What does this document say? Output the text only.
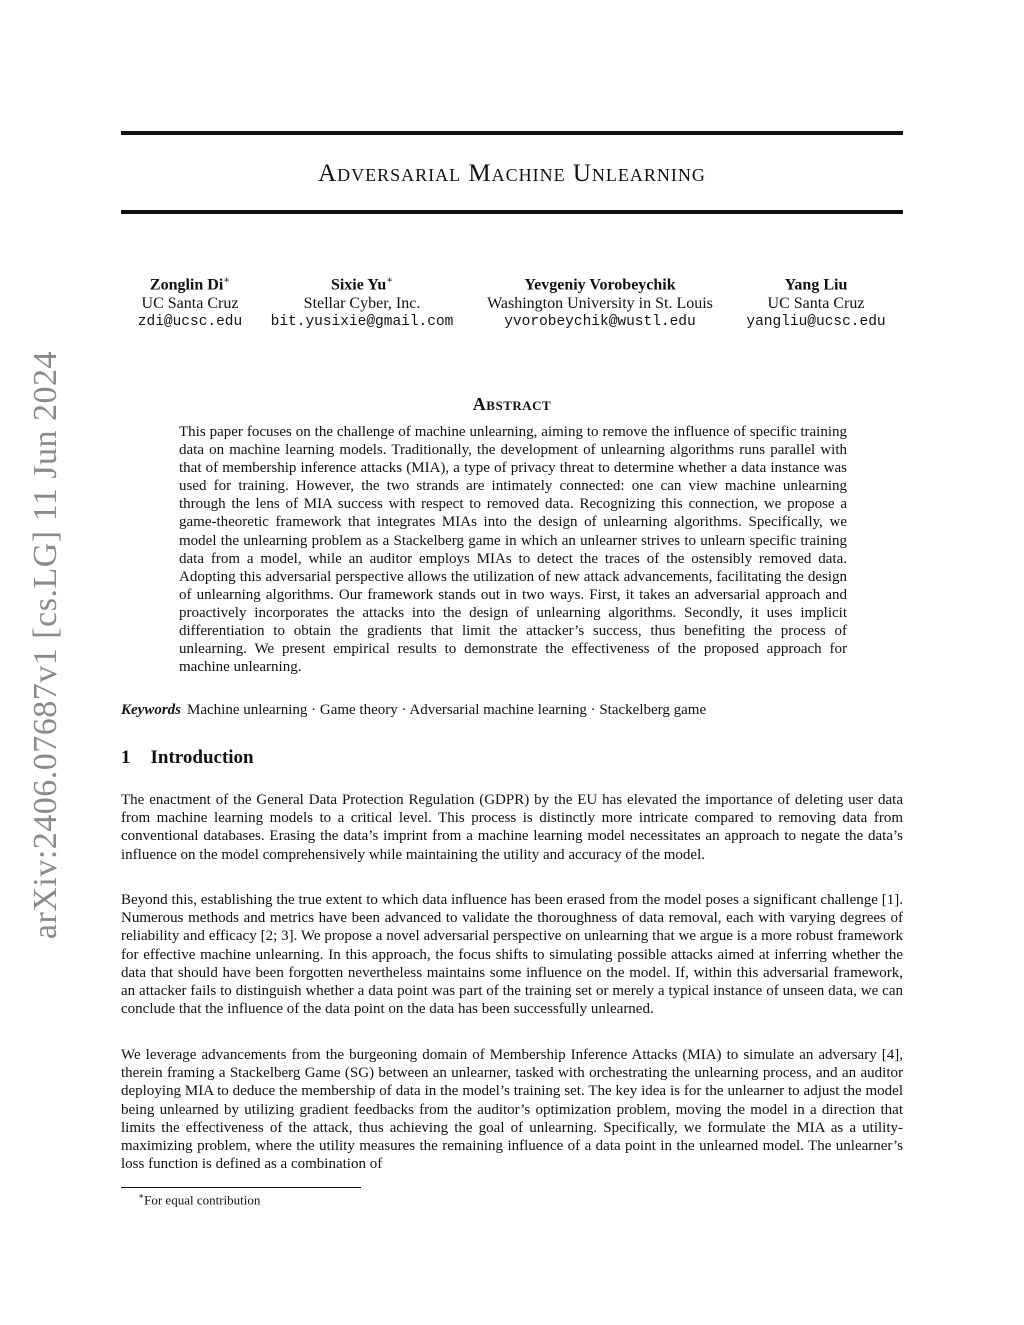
arXiv:2406.07687v1 [cs.LG] 11 Jun 2024
Adversarial Machine Unlearning
Zonglin Di∗
UC Santa Cruz
zdi@ucsc.edu
Sixie Yu∗
Stellar Cyber, Inc.
bit.yusixie@gmail.com
Yevgeniy Vorobeychik
Washington University in St. Louis
yvorobeychik@wustl.edu
Yang Liu
UC Santa Cruz
yangliu@ucsc.edu
Abstract

This paper focuses on the challenge of machine unlearning, aiming to remove the influence of specific training data on machine learning models. Traditionally, the development of unlearning algorithms runs parallel with that of membership inference attacks (MIA), a type of privacy threat to determine whether a data instance was used for training. However, the two strands are intimately connected: one can view machine unlearning through the lens of MIA success with respect to removed data. Recognizing this connection, we propose a game-theoretic framework that integrates MIAs into the design of unlearning algorithms. Specifically, we model the unlearning problem as a Stackelberg game in which an unlearner strives to unlearn specific training data from a model, while an auditor employs MIAs to detect the traces of the ostensibly removed data. Adopting this adversarial perspective allows the utilization of new attack advancements, facilitating the design of unlearning algorithms. Our framework stands out in two ways. First, it takes an adversarial approach and proactively incorporates the attacks into the design of unlearning algorithms. Secondly, it uses implicit differentiation to obtain the gradients that limit the attacker’s success, thus benefiting the process of unlearning. We present empirical results to demonstrate the effectiveness of the proposed approach for machine unlearning.

Keywords Machine unlearning · Game theory · Adversarial machine learning · Stackelberg game
1 Introduction

The enactment of the General Data Protection Regulation (GDPR) by the EU has elevated the importance of deleting user data from machine learning models to a critical level. This process is distinctly more intricate compared to removing data from conventional databases. Erasing the data’s imprint from a machine learning model necessitates an approach to negate the data’s influence on the model comprehensively while maintaining the utility and accuracy of the model.

Beyond this, establishing the true extent to which data influence has been erased from the model poses a significant challenge [1]. Numerous methods and metrics have been advanced to validate the thoroughness of data removal, each with varying degrees of reliability and efficacy [2; 3]. We propose a novel adversarial perspective on unlearning that we argue is a more robust framework for effective machine unlearning. In this approach, the focus shifts to simulating possible attacks aimed at inferring whether the data that should have been forgotten nevertheless maintains some influence on the model. If, within this adversarial framework, an attacker fails to distinguish whether a data point was part of the training set or merely a typical instance of unseen data, we can conclude that the influence of the data point on the data has been successfully unlearned.

We leverage advancements from the burgeoning domain of Membership Inference Attacks (MIA) to simulate an adversary [4], therein framing a Stackelberg Game (SG) between an unlearner, tasked with orchestrating the unlearning process, and an auditor deploying MIA to deduce the membership of data in the model’s training set. The key idea is for the unlearner to adjust the model being unlearned by utilizing gradient feedbacks from the auditor’s optimization problem, moving the model in a direction that limits the effectiveness of the attack, thus achieving the goal of unlearning. Specifically, we formulate the MIA as a utility-maximizing problem, where the utility measures the remaining influence of a data point in the unlearned model. The unlearner’s loss function is defined as a combination of

∗For equal contribution
